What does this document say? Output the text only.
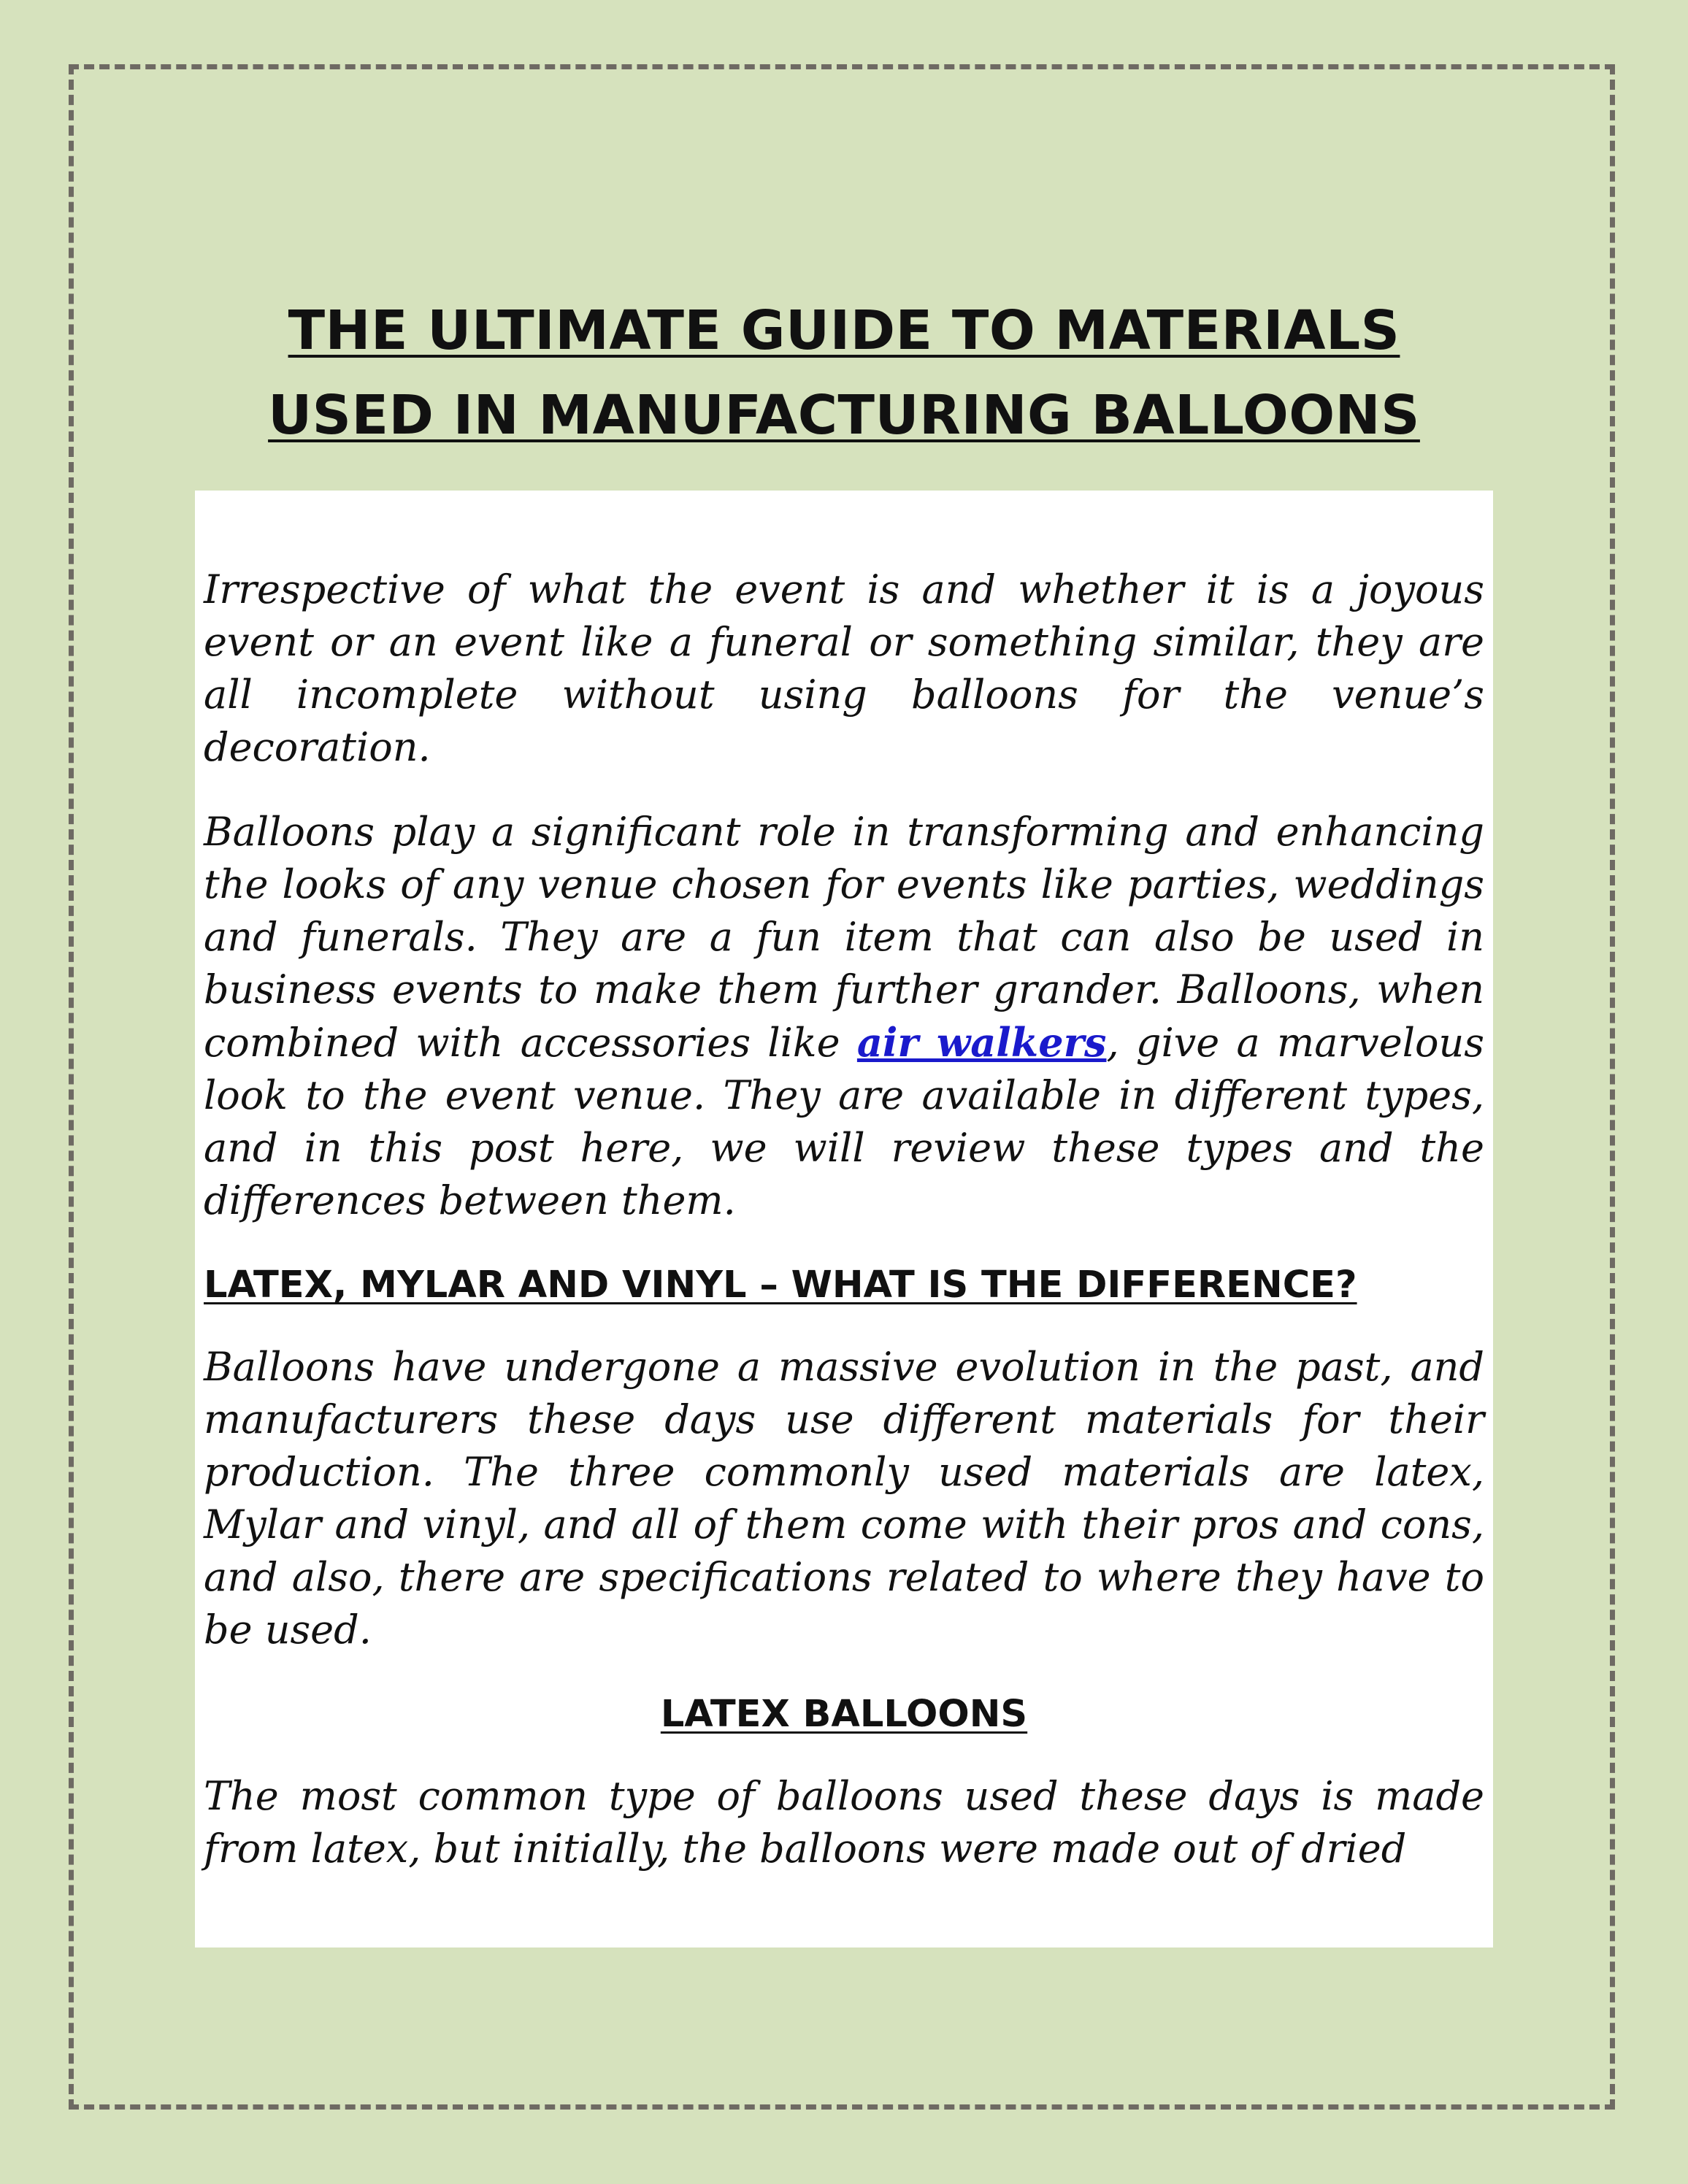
THE ULTIMATE GUIDE TO MATERIALS
USED IN MANUFACTURING BALLOONS

Irrespective of what the event is and whether it is a joyous event or an event like a funeral or something similar, they are all incomplete without using balloons for the venue’s decoration.

Balloons play a significant role in transforming and enhancing the looks of any venue chosen for events like parties, weddings and funerals. They are a fun item that can also be used in business events to make them further grander. Balloons, when combined with accessories like air walkers, give a marvelous look to the event venue. They are available in different types, and in this post here, we will review these types and the differences between them.

LATEX, MYLAR AND VINYL – WHAT IS THE DIFFERENCE?

Balloons have undergone a massive evolution in the past, and manufacturers these days use different materials for their production. The three commonly used materials are latex, Mylar and vinyl, and all of them come with their pros and cons, and also, there are specifications related to where they have to be used.

LATEX BALLOONS

The most common type of balloons used these days is made from latex, but initially, the balloons were made out of dried
